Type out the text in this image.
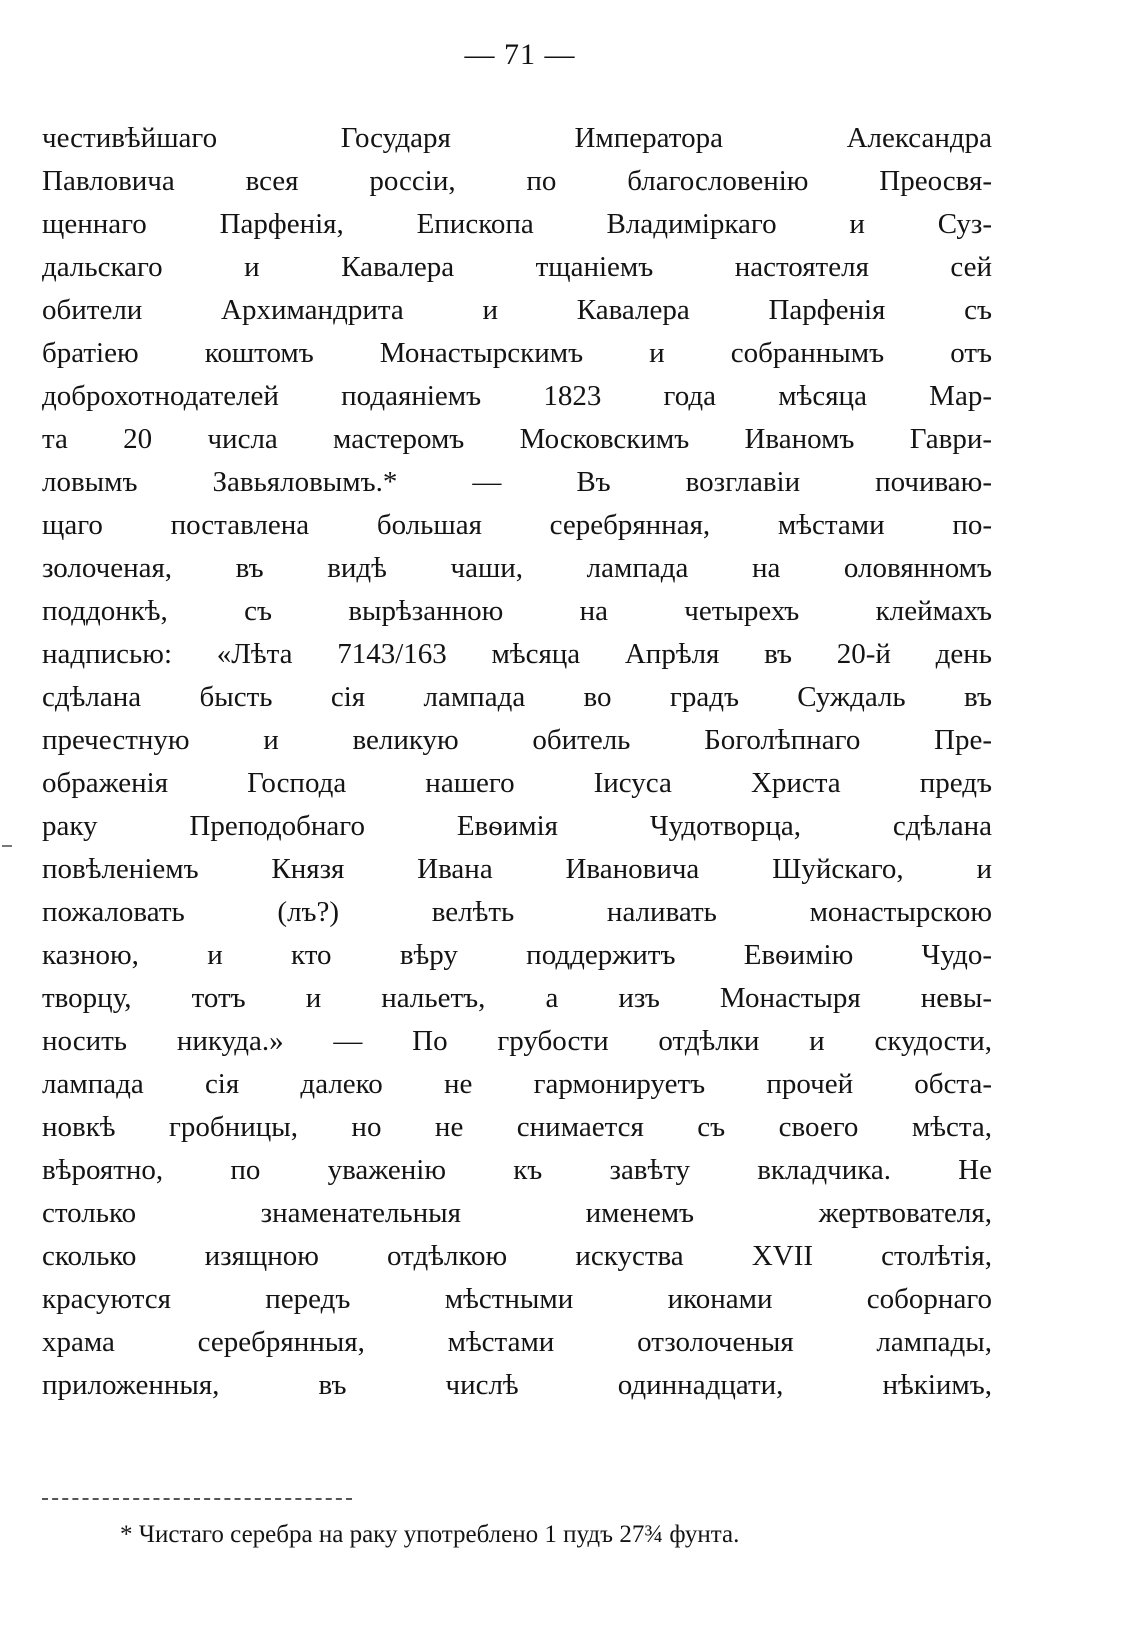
— 71 —
честивѣйшаго Государя Императора Александра
Павловича всея россіи, по благословенію Преосвя-
щеннаго Парфенія, Епископа Владиміркаго и Суз-
дальскаго и Кавалера тщаніемъ настоятеля сей
обители Архимандрита и Кавалера Парфенія съ
братіею коштомъ Монастырскимъ и собраннымъ отъ
доброхотнодателей подаяніемъ 1823 года мѣсяца Мар-
та 20 числа мастеромъ Московскимъ Иваномъ Гаври-
ловымъ Завьяловымъ.* — Въ возглавіи почиваю-
щаго поставлена большая серебрянная, мѣстами по-
золоченая, въ видѣ чаши, лампада на оловянномъ
поддонкѣ, съ вырѣзанною на четырехъ клеймахъ
надписью: «Лѣта 7143/163 мѣсяца Апрѣля въ 20-й день
сдѣлана бысть сія лампада во градъ Суждаль въ
пречестную и великую обитель Боголѣпнаго Пре-
ображенія Господа нашего Іисуса Христа предъ
раку Преподобнаго Евѳимія Чудотворца, сдѣлана
повѣленіемъ Князя Ивана Ивановича Шуйскаго, и
пожаловать (лъ?) велѣть наливать монастырскою
казною, и кто вѣру поддержитъ Евѳимію Чудо-
творцу, тотъ и нальетъ, а изъ Монастыря невы-
носить никуда.» — По грубости отдѣлки и скудости,
лампада сія далеко не гармонируетъ прочей обста-
новкѣ гробницы, но не снимается съ своего мѣста,
вѣроятно, по уваженію къ завѣту вкладчика. Не
столько знаменательныя именемъ жертвователя,
сколько изящною отдѣлкою искуства XVII столѣтія,
красуются передъ мѣстными иконами соборнаго
храма серебрянныя, мѣстами отзолоченыя лампады,
приложенныя, въ числѣ одиннадцати, нѣкіимъ,
* Чистаго серебра на раку употреблено 1 пудъ 27¾ фунта.
